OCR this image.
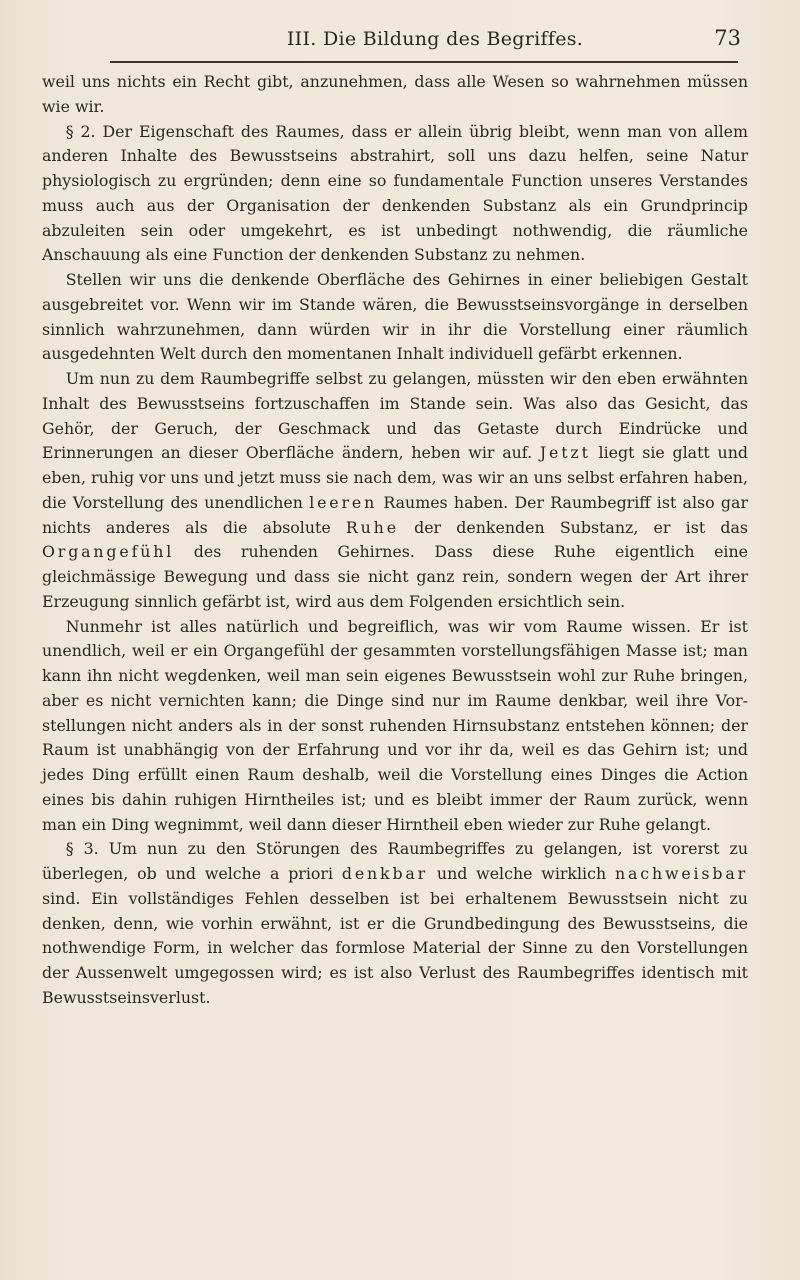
III. Die Bildung des Begriffes.	73

weil uns nichts ein Recht gibt, anzunehmen, dass alle Wesen so wahrnehmen müssen wie wir.

§ 2. Der Eigenschaft des Raumes, dass er allein übrig bleibt, wenn man von allem anderen Inhalte des Bewusstseins abstrahirt, soll uns dazu helfen, seine Natur physiologisch zu ergründen; denn eine so fundamentale Function unseres Verstandes muss auch aus der Organisation der denkenden Substanz als ein Grundprincip abzuleiten sein oder umgekehrt, es ist unbedingt nothwendig, die räumliche Anschauung als eine Function der denkenden Substanz zu nehmen.

Stellen wir uns die denkende Oberfläche des Gehirnes in einer beliebigen Gestalt ausgebreitet vor. Wenn wir im Stande wären, die Bewusstseinsvorgänge in derselben sinnlich wahrzunehmen, dann würden wir in ihr die Vorstellung einer räumlich ausgedehnten Welt durch den momentanen Inhalt individuell gefärbt erkennen.

Um nun zu dem Raumbegriffe selbst zu gelangen, müssten wir den eben erwähnten Inhalt des Bewusstseins fortzuschaffen im Stande sein. Was also das Gesicht, das Gehör, der Geruch, der Geschmack und das Getaste durch Eindrücke und Erinnerungen an dieser Oberfläche ändern, heben wir auf. Jetzt liegt sie glatt und eben, ruhig vor uns und jetzt muss sie nach dem, was wir an uns selbst erfahren haben, die Vorstellung des unendlichen leeren Raumes haben. Der Raumbegriff ist also gar nichts anderes als die absolute Ruhe der denkenden Substanz, er ist das Organgefühl des ruhenden Gehirnes. Dass diese Ruhe eigentlich eine gleichmässige Bewegung und dass sie nicht ganz rein, sondern wegen der Art ihrer Erzeugung sinnlich gefärbt ist, wird aus dem Folgenden ersichtlich sein.

Nunmehr ist alles natürlich und begreiflich, was wir vom Raume wissen. Er ist unendlich, weil er ein Organgefühl der gesammten vorstellungsfähigen Masse ist; man kann ihn nicht wegdenken, weil man sein eigenes Bewusstsein wohl zur Ruhe bringen, aber es nicht vernichten kann; die Dinge sind nur im Raume denkbar, weil ihre Vorstellungen nicht anders als in der sonst ruhenden Hirnsubstanz entstehen können; der Raum ist unabhängig von der Erfahrung und vor ihr da, weil es das Gehirn ist; und jedes Ding erfüllt einen Raum deshalb, weil die Vorstellung eines Dinges die Action eines bis dahin ruhigen Hirntheiles ist; und es bleibt immer der Raum zurück, wenn man ein Ding wegnimmt, weil dann dieser Hirntheil eben wieder zur Ruhe gelangt.

§ 3. Um nun zu den Störungen des Raumbegriffes zu gelangen, ist vorerst zu überlegen, ob und welche a priori denkbar und welche wirklich nachweisbar sind. Ein vollständiges Fehlen desselben ist bei erhaltenem Bewusstsein nicht zu denken, denn, wie vorhin erwähnt, ist er die Grundbedingung des Bewusstseins, die nothwendige Form, in welcher das formlose Material der Sinne zu den Vorstellungen der Aussenwelt umgegossen wird; es ist also Verlust des Raumbegriffes identisch mit Bewusstseinsverlust.
